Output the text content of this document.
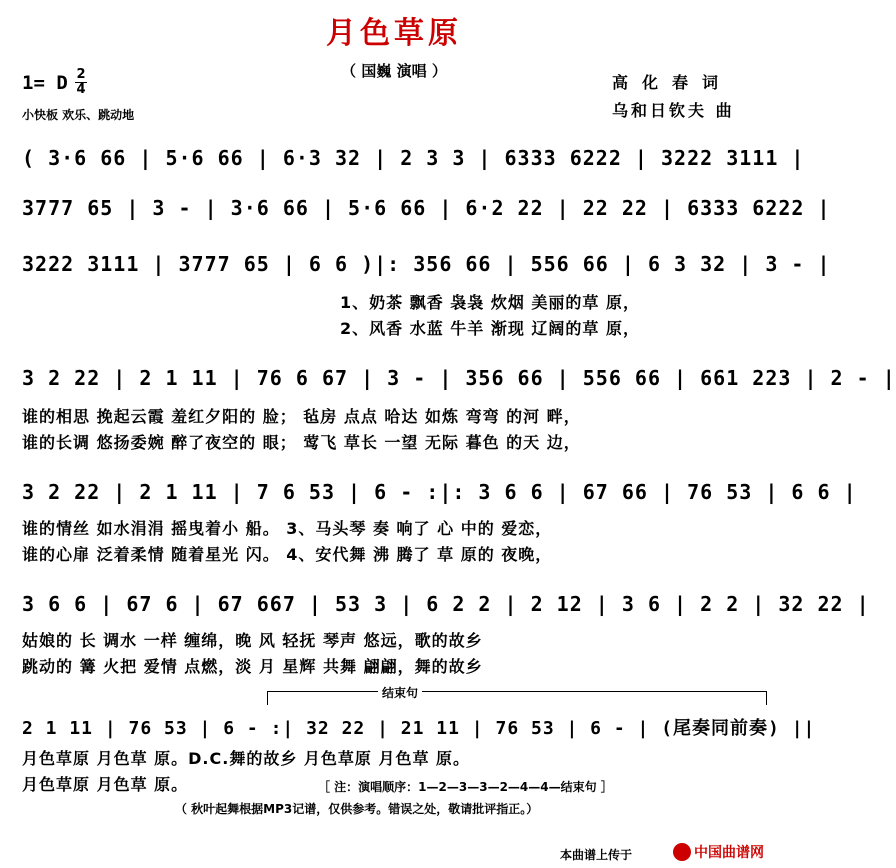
月色草原
（ 国巍 演唱 ）
1= D 2
4
小快板 欢乐、跳动地
高化春词
乌和日钦夫 曲
( 3·6 66 | 5·6 66 | 6·3 32 | 2 3 3 | 6333 6222 | 3222 3111 |
3777 65 | 3 - | 3·6 66 | 5·6 66 | 6·2 22 | 22 22 | 6333 6222 |
3222 3111 | 3777 65 | 6 6 )|: 356 66 | 556 66 | 6 3 32 | 3 - |
1、奶茶 飘香 袅袅 炊烟 美丽的草 原，
2、风香 水蓝 牛羊 渐现 辽阔的草 原，
3 2 22 | 2 1 11 | 76 6 67 | 3 - | 356 66 | 556 66 | 661 223 | 2 - |
谁的相思 挽起云霞 羞红夕阳的 脸； 毡房 点点 哈达 如炼 弯弯 的河 畔，
谁的长调 悠扬委婉 醉了夜空的 眼； 莺飞 草长 一望 无际 暮色 的天 边，
3 2 22 | 2 1 11 | 7 6 53 | 6 - :|: 3 6 6 | 67 66 | 76 53 | 6 6 |
谁的情丝 如水涓涓 摇曳着小 船。 3、马头琴 奏 响了 心 中的 爱恋，
谁的心扉 泛着柔情 随着星光 闪。 4、安代舞 沸 腾了 草 原的 夜晚，
3 6 6 | 67 6 | 67 667 | 53 3 | 6 2 2 | 2 12 | 3 6 | 2 2 | 32 22 |
姑娘的 长 调水 一样 缠绵，晚 风 轻抚 琴声 悠远，歌的故乡
跳动的 篝 火把 爱情 点燃，淡 月 星辉 共舞 翩翩，舞的故乡
结束句
2 1 11 | 76 53 | 6 - :| 32 22 | 21 11 | 76 53 | 6 - | (尾奏同前奏) ||
月色草原 月色草 原。D.C.舞的故乡 月色草原 月色草 原。
月色草原 月色草 原。	［ 注：演唱顺序：1—2—3—3—2—4—4—结束句 ］
（ 秋叶起舞根据MP3记谱，仅供参考。错误之处，敬请批评指正。）
本曲谱上传于	中国曲谱网
